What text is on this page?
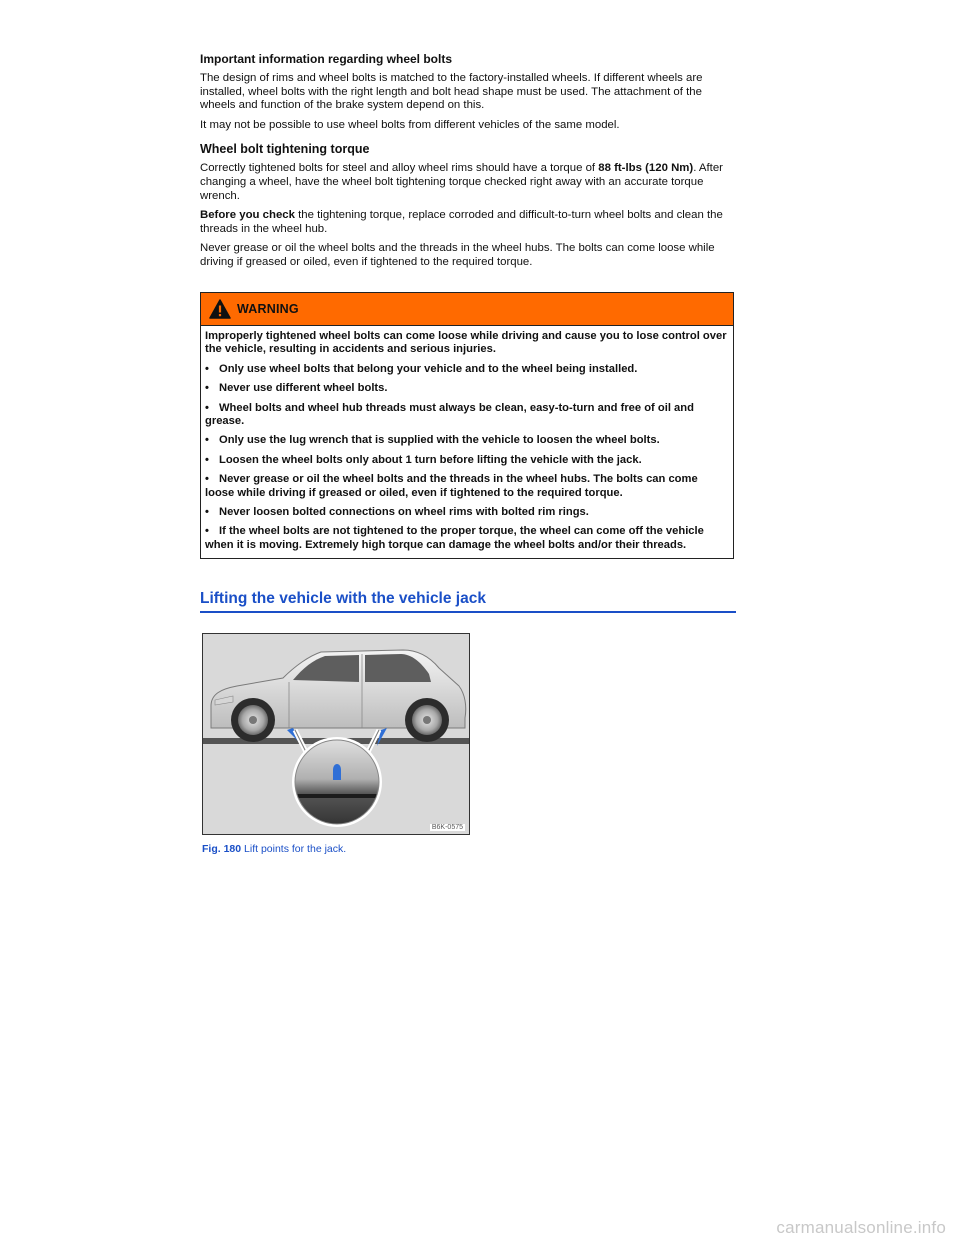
Important information regarding wheel bolts

The design of rims and wheel bolts is matched to the factory-installed wheels. If different wheels are installed, wheel bolts with the right length and bolt head shape must be used. The attachment of the wheels and function of the brake system depend on this.

It may not be possible to use wheel bolts from different vehicles of the same model.

Wheel bolt tightening torque

Correctly tightened bolts for steel and alloy wheel rims should have a torque of 88 ft-lbs (120 Nm). After changing a wheel, have the wheel bolt tightening torque checked right away with an accurate torque wrench.

Before you check the tightening torque, replace corroded and difficult-to-turn wheel bolts and clean the threads in the wheel hub.

Never grease or oil the wheel bolts and the threads in the wheel hubs. The bolts can come loose while driving if greased or oiled, even if tightened to the required torque.

WARNING

Improperly tightened wheel bolts can come loose while driving and cause you to lose control over the vehicle, resulting in accidents and serious injuries.

• Only use wheel bolts that belong your vehicle and to the wheel being installed.
• Never use different wheel bolts.
• Wheel bolts and wheel hub threads must always be clean, easy-to-turn and free of oil and grease.
• Only use the lug wrench that is supplied with the vehicle to loosen the wheel bolts.
• Loosen the wheel bolts only about 1 turn before lifting the vehicle with the jack.
• Never grease or oil the wheel bolts and the threads in the wheel hubs. The bolts can come loose while driving if greased or oiled, even if tightened to the required torque.
• Never loosen bolted connections on wheel rims with bolted rim rings.
• If the wheel bolts are not tightened to the proper torque, the wheel can come off the vehicle when it is moving. Extremely high torque can damage the wheel bolts and/or their threads.
Lifting the vehicle with the vehicle jack
B6K-0575
Fig. 180 Lift points for the jack.
carmanualsonline.info
